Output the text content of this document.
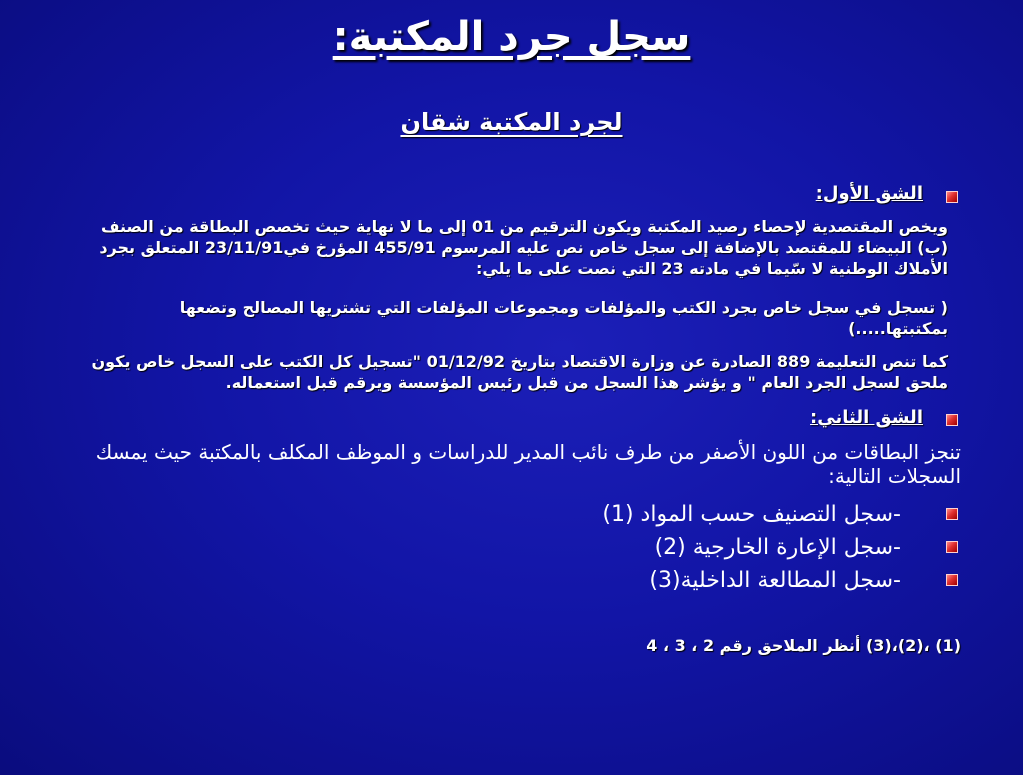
سجل جرد المكتبة:
لجرد المكتبة شقان
الشق الأول:
ويخص المقتصدية لإحصاء رصيد المكتبة ويكون الترقيم من 01 إلى ما لا نهاية حيث تخصص البطاقة من الصنف (ب) البيضاء للمقتصد بالإضافة إلى سجل خاص نص عليه المرسوم 455/91 المؤرخ في23/11/91 المتعلق بجرد الأملاك الوطنية لا سّيما في مادته 23 التي نصت على ما يلي:
( تسجل في سجل خاص بجرد الكتب والمؤلفات ومجموعات المؤلفات التي تشتريها المصالح وتضعها بمكتبتها.....)
كما تنص التعليمة 889 الصادرة عن وزارة الاقتصاد بتاريخ 01/12/92 "تسجيل كل الكتب على السجل خاص يكون ملحق لسجل الجرد العام " و يؤشر هذا السجل من قبل رئيس المؤسسة ويرقم قبل استعماله.
الشق الثاني:
تنجز البطاقات من اللون الأصفر من طرف نائب المدير للدراسات و الموظف المكلف بالمكتبة حيث يمسك السجلات التالية:
-سجل التصنيف حسب المواد (1)
-سجل الإعارة الخارجية (2)
-سجل المطالعة الداخلية(3)
(1) ،(2)،(3) أنظر الملاحق رقم 2 ، 3 ، 4
